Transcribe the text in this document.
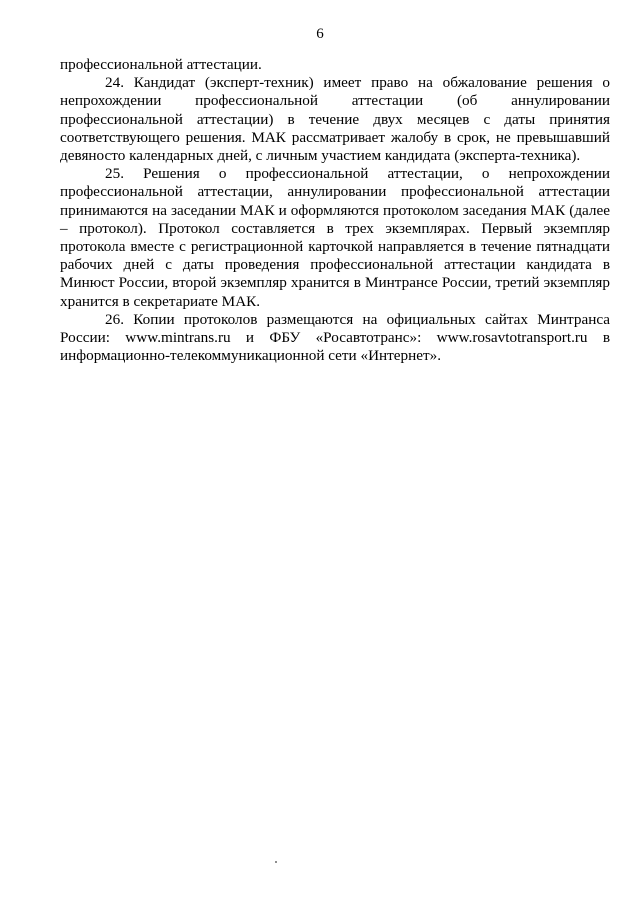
6

профессиональной аттестации.

24. Кандидат (эксперт-техник) имеет право на обжалование решения о непрохождении профессиональной аттестации (об аннулировании профессиональной аттестации) в течение двух месяцев с даты принятия соответствующего решения. МАК рассматривает жалобу в срок, не превышавший девяносто календарных дней, с личным участием кандидата (эксперта-техника).

25. Решения о профессиональной аттестации, о непрохождении профессиональной аттестации, аннулировании профессиональной аттестации принимаются на заседании МАК и оформляются протоколом заседания МАК (далее – протокол). Протокол составляется в трех экземплярах. Первый экземпляр протокола вместе с регистрационной карточкой направляется в течение пятнадцати рабочих дней с даты проведения профессиональной аттестации кандидата в Минюст России, второй экземпляр хранится в Минтрансе России, третий экземпляр хранится в секретариате МАК.

26. Копии протоколов размещаются на официальных сайтах Минтранса России: www.mintrans.ru и ФБУ «Росавтотранс»: www.rosavtotransport.ru в информационно-телекоммуникационной сети «Интернет».
